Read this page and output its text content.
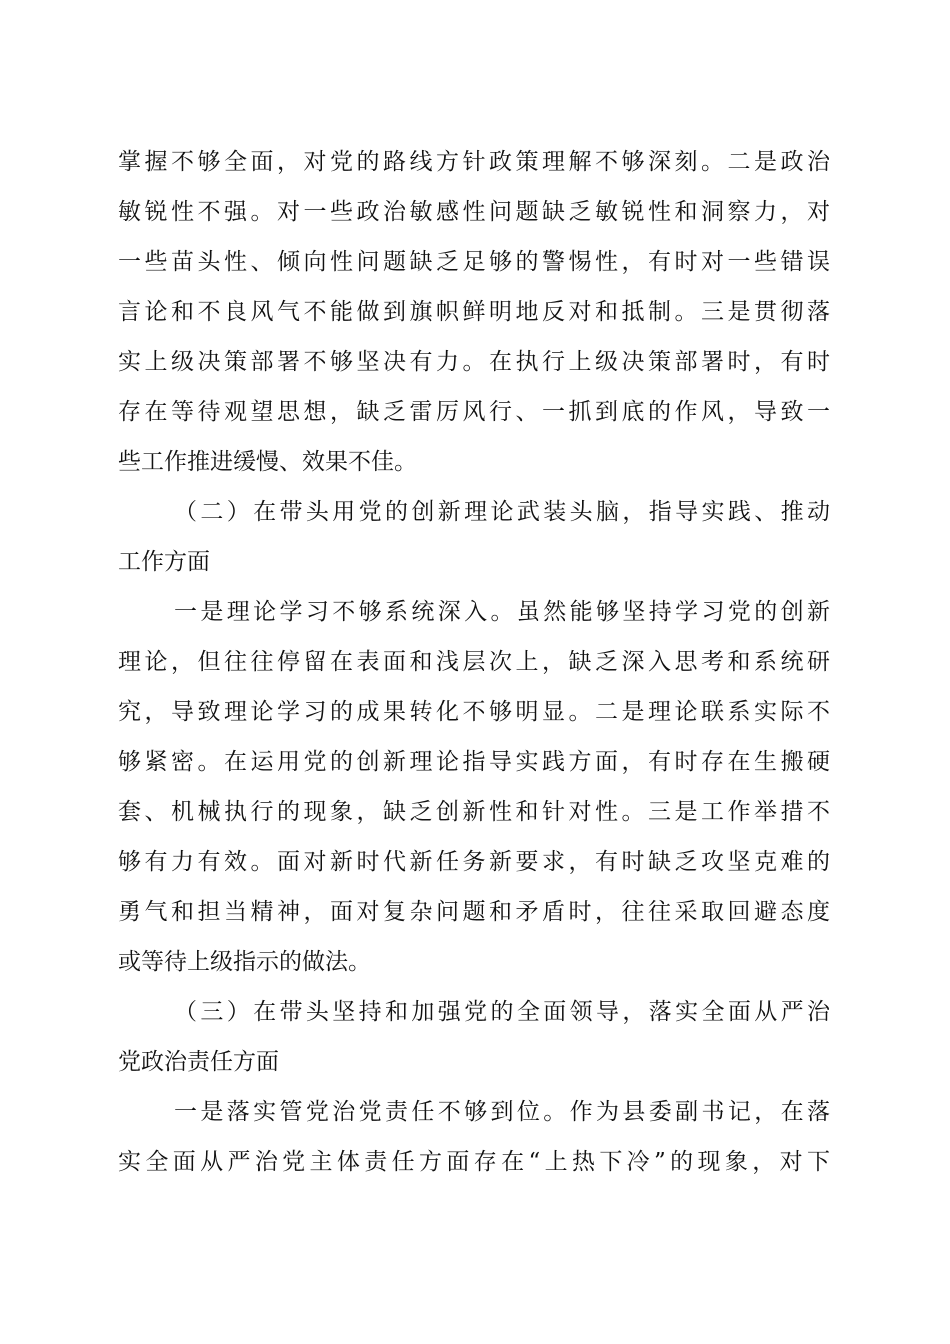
掌握不够全面，对党的路线方针政策理解不够深刻。二是政治
敏锐性不强。对一些政治敏感性问题缺乏敏锐性和洞察力，对
一些苗头性、倾向性问题缺乏足够的警惕性，有时对一些错误
言论和不良风气不能做到旗帜鲜明地反对和抵制。三是贯彻落
实上级决策部署不够坚决有力。在执行上级决策部署时，有时
存在等待观望思想，缺乏雷厉风行、一抓到底的作风，导致一
些工作推进缓慢、效果不佳。
（二）在带头用党的创新理论武装头脑，指导实践、推动
工作方面
一是理论学习不够系统深入。虽然能够坚持学习党的创新
理论，但往往停留在表面和浅层次上，缺乏深入思考和系统研
究，导致理论学习的成果转化不够明显。二是理论联系实际不
够紧密。在运用党的创新理论指导实践方面，有时存在生搬硬
套、机械执行的现象，缺乏创新性和针对性。三是工作举措不
够有力有效。面对新时代新任务新要求，有时缺乏攻坚克难的
勇气和担当精神，面对复杂问题和矛盾时，往往采取回避态度
或等待上级指示的做法。
（三）在带头坚持和加强党的全面领导，落实全面从严治
党政治责任方面
一是落实管党治党责任不够到位。作为县委副书记，在落
实全面从严治党主体责任方面存在“上热下冷”的现象，对下
